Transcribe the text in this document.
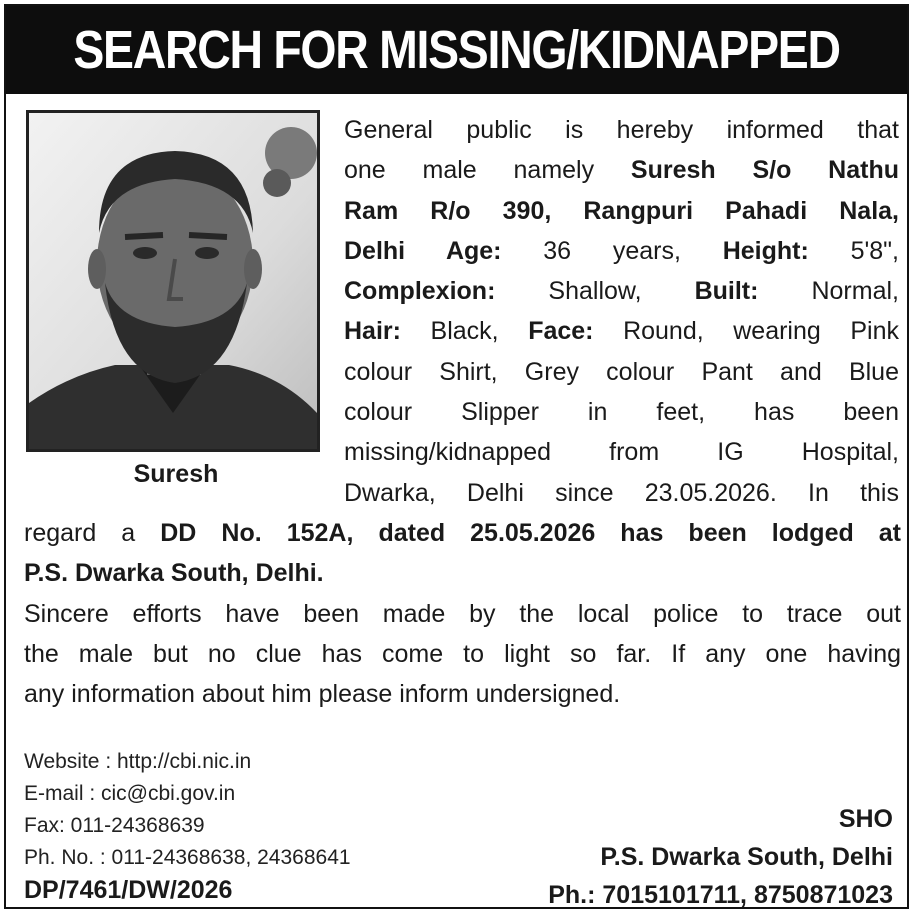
SEARCH FOR MISSING/KIDNAPPED
Suresh
General public is hereby informed that
one male namely Suresh S/o Nathu
Ram R/o 390, Rangpuri Pahadi Nala,
Delhi Age: 36 years, Height: 5'8",
Complexion: Shallow, Built: Normal,
Hair: Black, Face: Round, wearing Pink
colour Shirt, Grey colour Pant and Blue
colour Slipper in feet, has been
missing/kidnapped from IG Hospital,
Dwarka, Delhi since 23.05.2026. In this
regard a DD No. 152A, dated 25.05.2026 has been lodged at
P.S. Dwarka South, Delhi.
Sincere efforts have been made by the local police to trace out
the male but no clue has come to light so far. If any one having
any information about him please inform undersigned.
Website : http://cbi.nic.in
E-mail : cic@cbi.gov.in
Fax: 011-24368639
Ph. No. : 011-24368638, 24368641
DP/7461/DW/2026
SHO
P.S. Dwarka South, Delhi
Ph.: 7015101711, 8750871023
